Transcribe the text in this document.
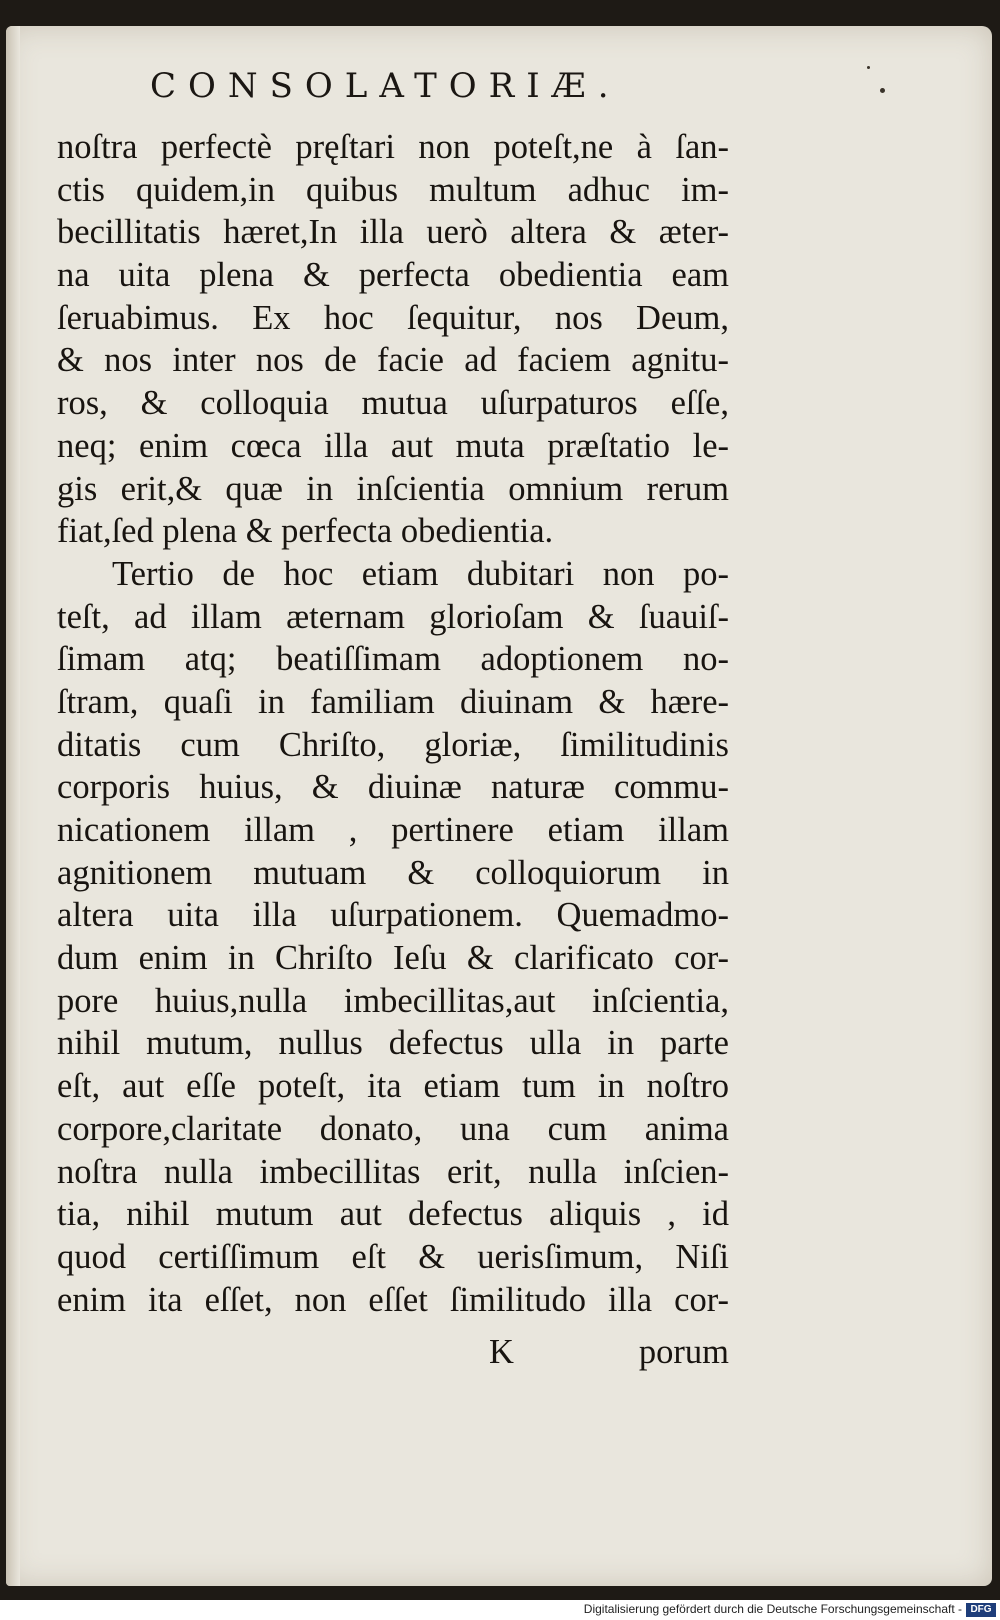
CONSOLATORIÆ.
noſtra perfectè pręſtari non poteſt,ne à ſan-
ctis quidem,in quibus multum adhuc im-
becillitatis hæret,In illa uerò altera & æter-
na uita plena & perfecta obedientia eam
ſeruabimus. Ex hoc ſequitur, nos Deum,
& nos inter nos de facie ad faciem agnitu-
ros, & colloquia mutua uſurpaturos eſſe,
neq; enim cœca illa aut muta præſtatio le-
gis erit,& quæ in inſcientia omnium rerum
fiat,ſed plena & perfecta obedientia.
Tertio de hoc etiam dubitari non po-
teſt, ad illam æternam glorioſam & ſuauiſ-
ſimam atq; beatiſſimam adoptionem no-
ſtram, quaſi in familiam diuinam & hære-
ditatis cum Chriſto, gloriæ, ſimilitudinis
corporis huius, & diuinæ naturæ commu-
nicationem illam , pertinere etiam illam
agnitionem mutuam & colloquiorum in
altera uita illa uſurpationem. Quemadmo-
dum enim in Chriſto Ieſu & clarificato cor-
pore huius,nulla imbecillitas,aut inſcientia,
nihil mutum, nullus defectus ulla in parte
eſt, aut eſſe poteſt, ita etiam tum in noſtro
corpore,claritate donato, una cum anima
noſtra nulla imbecillitas erit, nulla inſcien-
tia, nihil mutum aut defectus aliquis , id
quod certiſſimum eſt & uerisſimum, Niſi
enim ita eſſet, non eſſet ſimilitudo illa cor-
K	porum
Digitalisierung gefördert durch die Deutsche Forschungsgemeinschaft - DFG
